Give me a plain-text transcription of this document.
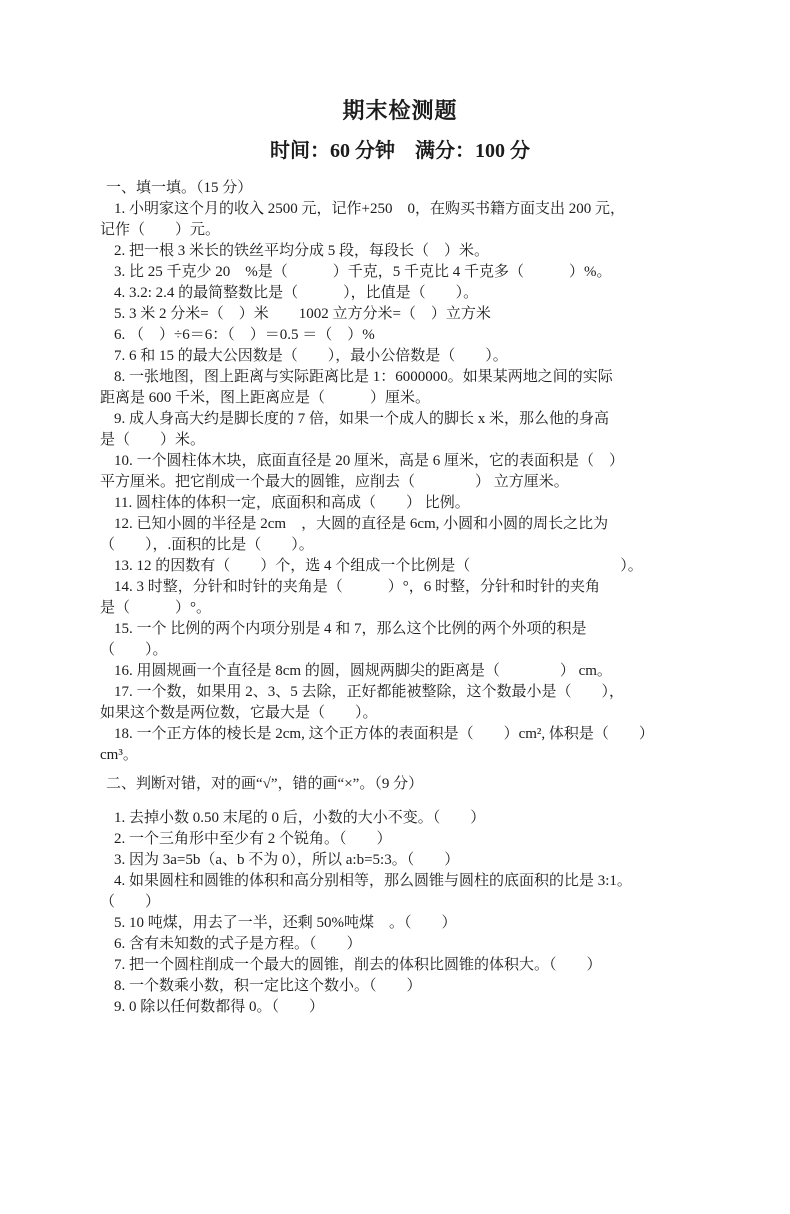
期末检测题
时间：60 分钟　满分：100 分

一、填一填。（15 分）

1. 小明家这个月的收入 2500 元，记作+250　0，在购买书籍方面支出 200 元，
记作（　　）元。

2. 把一根 3 米长的铁丝平均分成 5 段，每段长（　）米。

3. 比 25 千克少 20　%是（　　　）千克，5 千克比 4 千克多（　　　）%。

4. 3.2: 2.4 的最简整数比是（　　　），比值是（　　）。

5. 3 米 2 分米=（　）米　　1002 立方分米=（　）立方米

6. （　）÷6＝6：（　）＝0.5 ＝（　）%

7. 6 和 15 的最大公因数是（　　），最小公倍数是（　　）。

8. 一张地图，图上距离与实际距离比是 1：6000000。如果某两地之间的实际
距离是 600 千米，图上距离应是（　　　）厘米。

9. 成人身高大约是脚长度的 7 倍，如果一个成人的脚长 x 米，那么他的身高
是（　　）米。

10. 一个圆柱体木块，底面直径是 20 厘米，高是 6 厘米，它的表面积是（　）
平方厘米。把它削成一个最大的圆锥，应削去（　　　　） 立方厘米。

11. 圆柱体的体积一定，底面积和高成（　　） 比例。

12. 已知小圆的半径是 2cm　，大圆的直径是 6cm, 小圆和小圆的周长之比为
（　　），.面积的比是（　　）。

13. 12 的因数有（　　）个，选 4 个组成一个比例是（　　　　　　　　　　）。

14. 3 时整，分针和时针的夹角是（　　　）°，6 时整，分针和时针的夹角
是（　　　）°。

15. 一个 比例的两个内项分别是 4 和 7，那么这个比例的两个外项的积是
（　　）。

16. 用圆规画一个直径是 8cm 的圆，圆规两脚尖的距离是（　　　　） cm。

17. 一个数，如果用 2、3、5 去除，正好都能被整除，这个数最小是（　　），
如果这个数是两位数，它最大是（　　）。

18. 一个正方体的棱长是 2cm, 这个正方体的表面积是（　　）cm², 体积是（　　）
cm³。

二、判断对错，对的画“√”，错的画“×”。（9 分）

1. 去掉小数 0.50 末尾的 0 后，小数的大小不变。（　　）

2. 一个三角形中至少有 2 个锐角。（　　）

3. 因为 3a=5b（a、b 不为 0），所以 a:b=5:3。（　　）

4. 如果圆柱和圆锥的体积和高分别相等，那么圆锥与圆柱的底面积的比是 3:1。
（　　）

5. 10 吨煤，用去了一半，还剩 50%吨煤　。（　　）

6. 含有未知数的式子是方程。（　　）

7. 把一个圆柱削成一个最大的圆锥，削去的体积比圆锥的体积大。（　　）

8. 一个数乘小数，积一定比这个数小。（　　）

9. 0 除以任何数都得 0。（　　）
